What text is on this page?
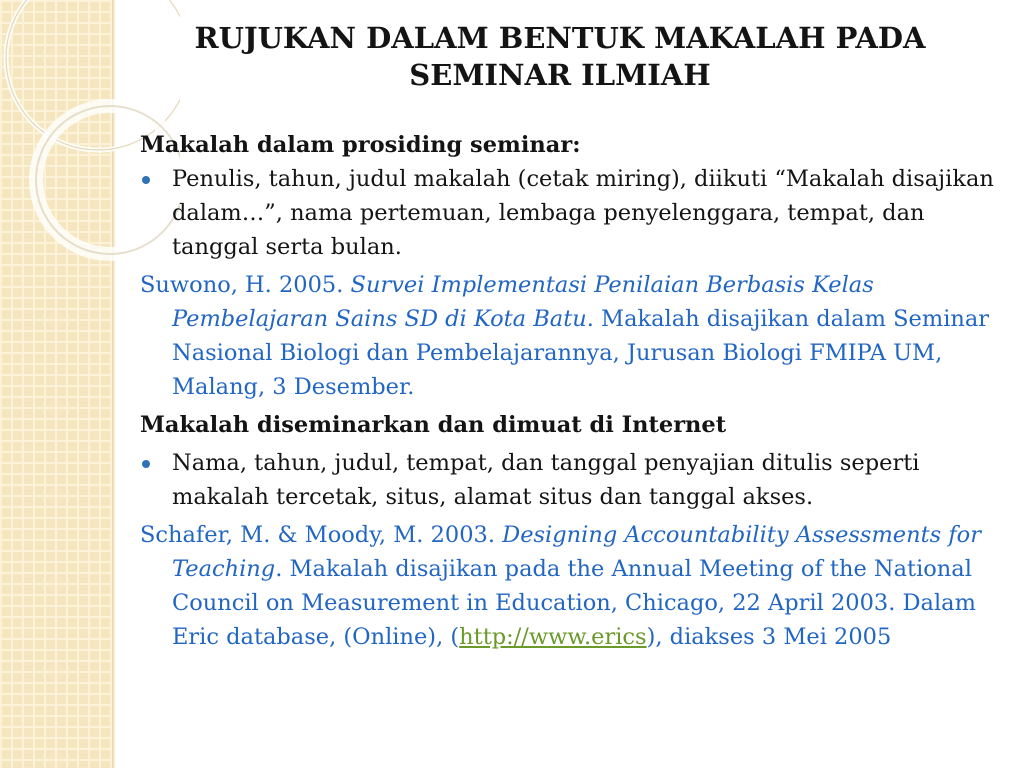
RUJUKAN DALAM BENTUK MAKALAH PADA
SEMINAR ILMIAH

Makalah dalam prosiding seminar:

Penulis, tahun, judul makalah (cetak miring), diikuti “Makalah disajikan dalam…”, nama pertemuan, lembaga penyelenggara, tempat, dan tanggal serta bulan.

Suwono, H. 2005. Survei Implementasi Penilaian Berbasis Kelas Pembelajaran Sains SD di Kota Batu. Makalah disajikan dalam Seminar Nasional Biologi dan Pembelajarannya, Jurusan Biologi FMIPA UM, Malang, 3 Desember.

Makalah diseminarkan dan dimuat di Internet

Nama, tahun, judul, tempat, dan tanggal penyajian ditulis seperti makalah tercetak, situs, alamat situs dan tanggal akses.

Schafer, M. & Moody, M. 2003. Designing Accountability Assessments for Teaching. Makalah disajikan pada the Annual Meeting of the National Council on Measurement in Education, Chicago, 22 April 2003. Dalam Eric database, (Online), (http://www.erics), diakses 3 Mei 2005
